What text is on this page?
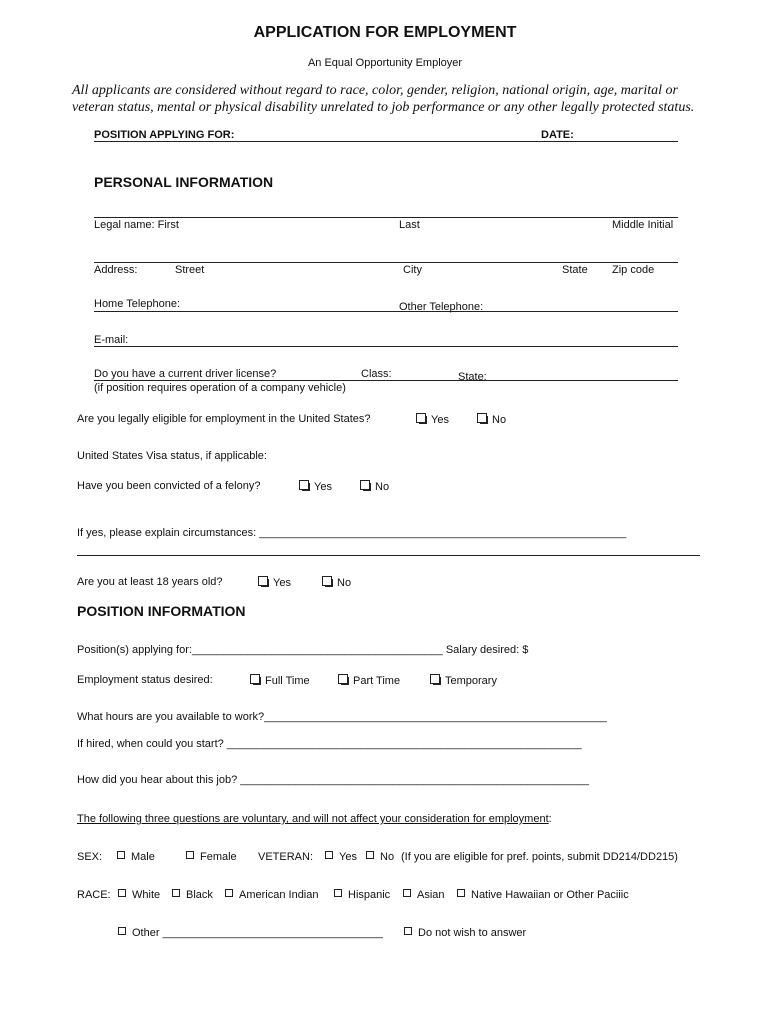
APPLICATION FOR EMPLOYMENT
An Equal Opportunity Employer
All applicants are considered without regard to race, color, gender, religion, national origin, age, marital or
veteran status, mental or physical disability unrelated to job performance or any other legally protected status.
POSITION APPLYING FOR:	DATE:
PERSONAL INFORMATION
Legal name: First	Last	Middle Initial
Address:	Street	City	State Zip code
Home Telephone:	Other Telephone:
E-mail:
Do you have a current driver license?	Class:	State:
(if position requires operation of a company vehicle)
Are you legally eligible for employment in the United States?	Yes	No
United States Visa status, if applicable:
Have you been convicted of a felony?	Yes	No
If yes, please explain circumstances: ____________________________________________________________
Are you at least 18 years old?	Yes	No
POSITION INFORMATION
Position(s) applying for:_________________________________________ Salary desired: $
Employment status desired:	Full Time	Part Time	Temporary
What hours are you available to work?________________________________________________________
If hired, when could you start? __________________________________________________________
How did you hear about this job? _________________________________________________________
The following three questions are voluntary, and will not affect your consideration for employment:
SEX:	Male	Female VETERAN:	Yes	No (If you are eligible for pref. points, submit DD214/DD215)
RACE:	White	Black	American Indian	Hispanic	Asian	Native Hawaiian or Other Paciiic
Other ____________________________________	Do not wish to answer
